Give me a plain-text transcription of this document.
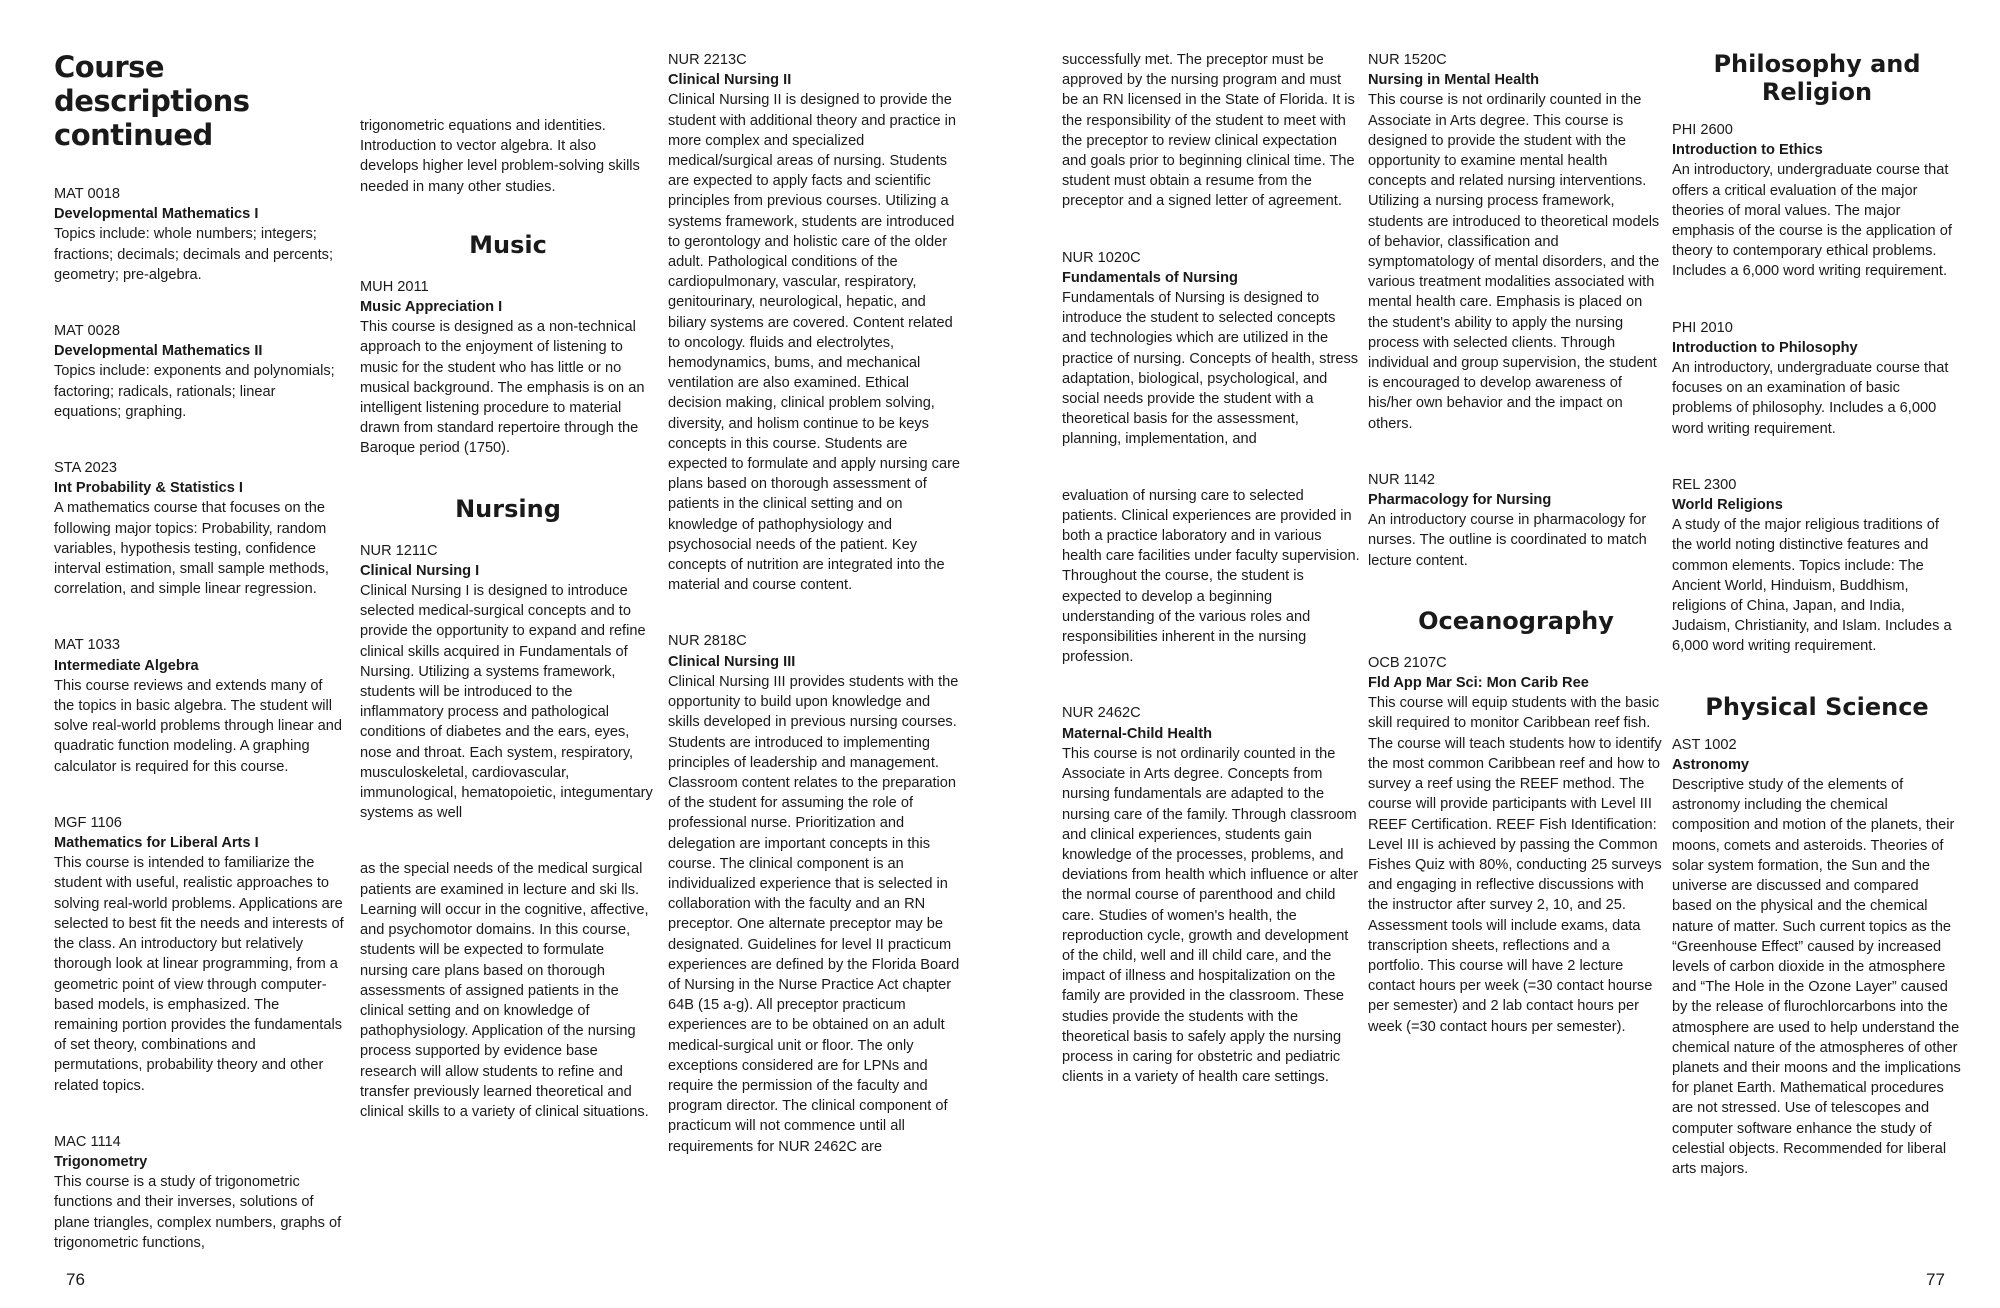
Course descriptions continued
MAT 0018
Developmental Mathematics I
Topics include: whole numbers; integers; fractions; decimals; decimals and percents; geometry; pre-algebra.
MAT 0028
Developmental Mathematics II
Topics include: exponents and polynomials; factoring; radicals, rationals; linear equations; graphing.
STA 2023
Int Probability & Statistics I
A mathematics course that focuses on the following major topics: Probability, random variables, hypothesis testing, confidence interval estimation, small sample methods, correlation, and simple linear regression.
MAT 1033
Intermediate Algebra
This course reviews and extends many of the topics in basic algebra. The student will solve real-world problems through linear and quadratic function modeling. A graphing calculator is required for this course.
MGF 1106
Mathematics for Liberal Arts I
This course is intended to familiarize the student with useful, realistic approaches to solving real-world problems. Applications are selected to best fit the needs and interests of the class. An introductory but relatively thorough look at linear programming, from a geometric point of view through computer-based models, is emphasized. The remaining portion provides the fundamentals of set theory, combinations and permutations, probability theory and other related topics.
MAC 1114
Trigonometry
This course is a study of trigonometric functions and their inverses, solutions of plane triangles, complex numbers, graphs of trigonometric functions,
trigonometric equations and identities. Introduction to vector algebra. It also develops higher level problem-solving skills needed in many other studies.
Music
MUH 2011
Music Appreciation I
This course is designed as a non-technical approach to the enjoyment of listening to music for the student who has little or no musical background. The emphasis is on an intelligent listening procedure to material drawn from standard repertoire through the Baroque period (1750).
Nursing
NUR 1211C
Clinical Nursing I
Clinical Nursing I is designed to introduce selected medical-surgical concepts and to provide the opportunity to expand and refine clinical skills acquired in Fundamentals of Nursing. Utilizing a systems framework, students will be introduced to the inflammatory process and pathological conditions of diabetes and the ears, eyes, nose and throat. Each system, respiratory, musculoskeletal, cardiovascular, immunological, hematopoietic, integumentary systems as well
as the special needs of the medical surgical patients are examined in lecture and ski lls. Learning will occur in the cognitive, affective, and psychomotor domains. In this course, students will be expected to formulate nursing care plans based on thorough assessments of assigned patients in the clinical setting and on knowledge of pathophysiology. Application of the nursing process supported by evidence base research will allow students to refine and transfer previously learned theoretical and clinical skills to a variety of clinical situations.
NUR 2213C
Clinical Nursing II
Clinical Nursing II is designed to provide the student with additional theory and practice in more complex and specialized medical/surgical areas of nursing. Students are expected to apply facts and scientific principles from previous courses. Utilizing a systems framework, students are introduced to gerontology and holistic care of the older adult. Pathological conditions of the cardiopulmonary, vascular, respiratory, genitourinary, neurological, hepatic, and biliary systems are covered. Content related to oncology. fluids and electrolytes, hemodynamics, bums, and mechanical ventilation are also examined. Ethical decision making, clinical problem solving, diversity, and holism continue to be keys concepts in this course. Students are expected to formulate and apply nursing care plans based on thorough assessment of patients in the clinical setting and on knowledge of pathophysiology and psychosocial needs of the patient. Key concepts of nutrition are integrated into the material and course content.
NUR 2818C
Clinical Nursing III
Clinical Nursing III provides students with the opportunity to build upon knowledge and skills developed in previous nursing courses. Students are introduced to implementing principles of leadership and management. Classroom content relates to the preparation of the student for assuming the role of professional nurse. Prioritization and delegation are important concepts in this course. The clinical component is an individualized experience that is selected in collaboration with the faculty and an RN preceptor. One alternate preceptor may be designated. Guidelines for level II practicum experiences are defined by the Florida Board of Nursing in the Nurse Practice Act chapter 64B (15 a-g). All preceptor practicum experiences are to be obtained on an adult medical-surgical unit or floor. The only exceptions considered are for LPNs and require the permission of the faculty and program director. The clinical component of practicum will not commence until all requirements for NUR 2462C are
successfully met. The preceptor must be approved by the nursing program and must be an RN licensed in the State of Florida. It is the responsibility of the student to meet with the preceptor to review clinical expectation and goals prior to beginning clinical time. The student must obtain a resume from the preceptor and a signed letter of agreement.
NUR 1020C
Fundamentals of Nursing
Fundamentals of Nursing is designed to introduce the student to selected concepts and technologies which are utilized in the practice of nursing. Concepts of health, stress adaptation, biological, psychological, and social needs provide the student with a theoretical basis for the assessment, planning, implementation, and
evaluation of nursing care to selected patients. Clinical experiences are provided in both a practice laboratory and in various health care facilities under faculty supervision. Throughout the course, the student is expected to develop a beginning understanding of the various roles and responsibilities inherent in the nursing profession.
NUR 2462C
Maternal-Child Health
This course is not ordinarily counted in the Associate in Arts degree. Concepts from nursing fundamentals are adapted to the nursing care of the family. Through classroom and clinical experiences, students gain knowledge of the processes, problems, and deviations from health which influence or alter the normal course of parenthood and child care. Studies of women's health, the reproduction cycle, growth and development of the child, well and ill child care, and the impact of illness and hospitalization on the family are provided in the classroom. These studies provide the students with the theoretical basis to safely apply the nursing process in caring for obstetric and pediatric clients in a variety of health care settings.
NUR 1520C
Nursing in Mental Health
This course is not ordinarily counted in the Associate in Arts degree. This course is designed to provide the student with the opportunity to examine mental health concepts and related nursing interventions. Utilizing a nursing process framework, students are introduced to theoretical models of behavior, classification and symptomatology of mental disorders, and the various treatment modalities associated with mental health care. Emphasis is placed on the student's ability to apply the nursing process with selected clients. Through individual and group supervision, the student is encouraged to develop awareness of his/her own behavior and the impact on others.
NUR 1142
Pharmacology for Nursing
An introductory course in pharmacology for nurses. The outline is coordinated to match lecture content.
Oceanography
OCB 2107C
Fld App Mar Sci: Mon Carib Ree
This course will equip students with the basic skill required to monitor Caribbean reef fish. The course will teach students how to identify the most common Caribbean reef and how to survey a reef using the REEF method. The course will provide participants with Level III REEF Certification. REEF Fish Identification: Level III is achieved by passing the Common Fishes Quiz with 80%, conducting 25 surveys and engaging in reflective discussions with the instructor after survey 2, 10, and 25. Assessment tools will include exams, data transcription sheets, reflections and a portfolio. This course will have 2 lecture contact hours per week (=30 contact hourse per semester) and 2 lab contact hours per week (=30 contact hours per semester).
Philosophy and Religion
PHI 2600
Introduction to Ethics
An introductory, undergraduate course that offers a critical evaluation of the major theories of moral values. The major emphasis of the course is the application of theory to contemporary ethical problems. Includes a 6,000 word writing requirement.
PHI 2010
Introduction to Philosophy
An introductory, undergraduate course that focuses on an examination of basic problems of philosophy. Includes a 6,000 word writing requirement.
REL 2300
World Religions
A study of the major religious traditions of the world noting distinctive features and common elements. Topics include: The Ancient World, Hinduism, Buddhism, religions of China, Japan, and India, Judaism, Christianity, and Islam. Includes a 6,000 word writing requirement.
Physical Science
AST 1002
Astronomy
Descriptive study of the elements of astronomy including the chemical composition and motion of the planets, their moons, comets and asteroids. Theories of solar system formation, the Sun and the universe are discussed and compared based on the physical and the chemical nature of matter. Such current topics as the “Greenhouse Effect” caused by increased levels of carbon dioxide in the atmosphere and “The Hole in the Ozone Layer” caused by the release of flurochlorcarbons into the atmosphere are used to help understand the chemical nature of the atmospheres of other planets and their moons and the implications for planet Earth. Mathematical procedures are not stressed. Use of telescopes and computer software enhance the study of celestial objects. Recommended for liberal arts majors.
76	77
